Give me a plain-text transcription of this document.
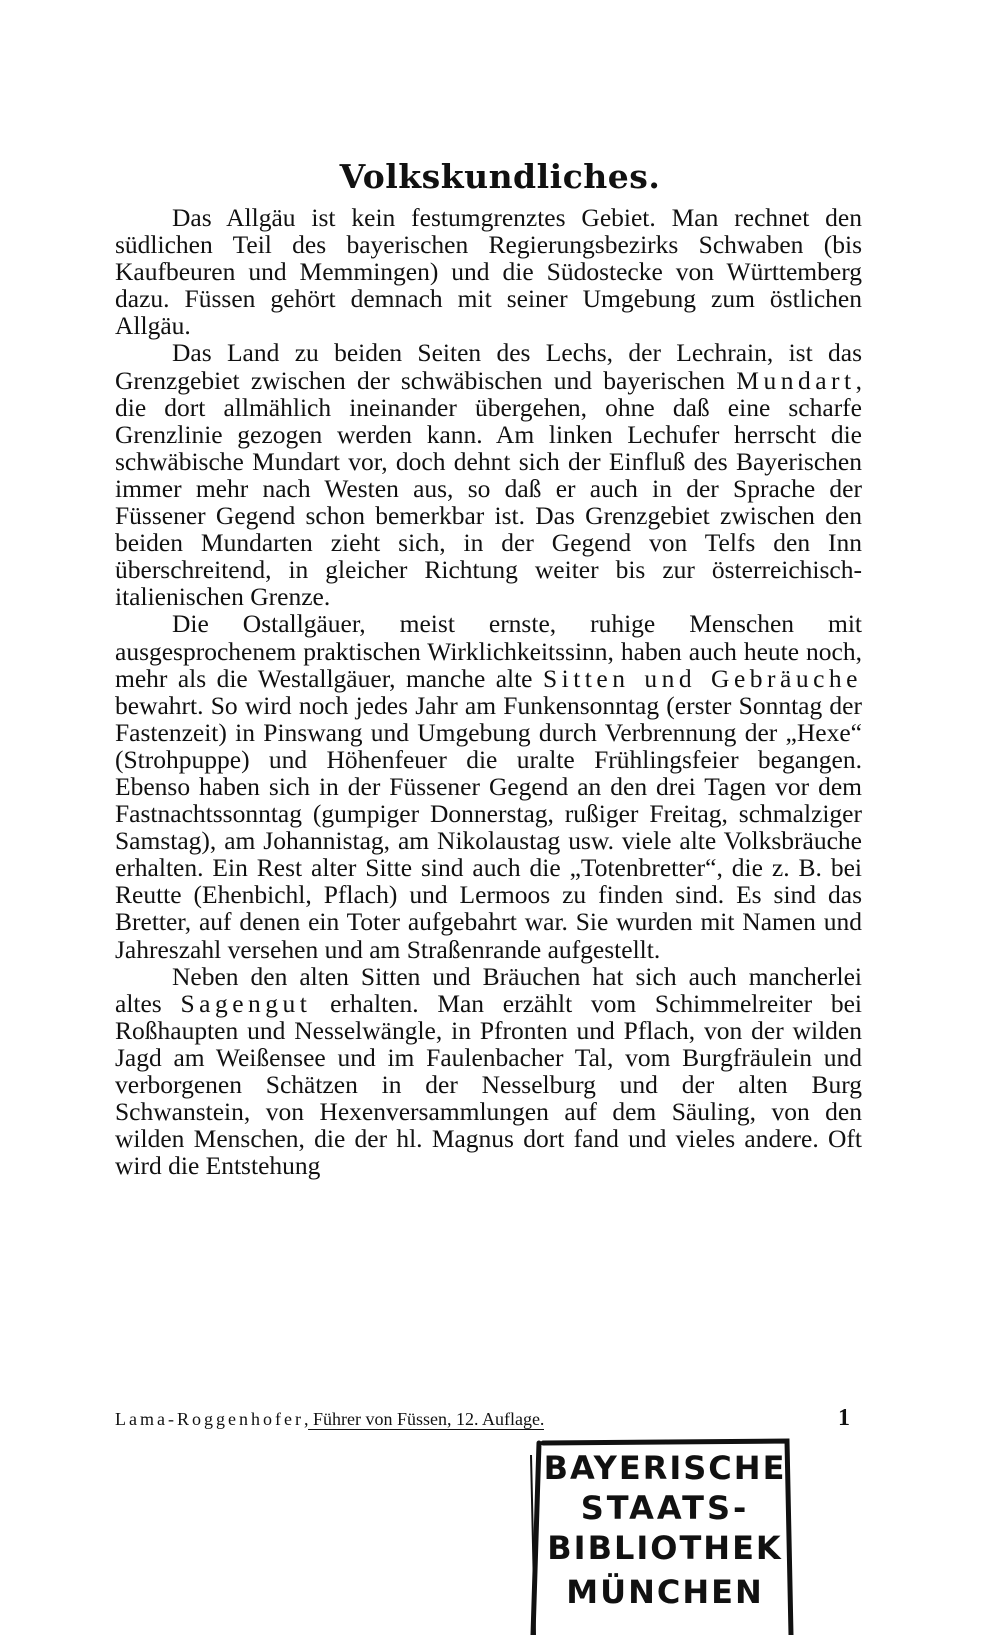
Volkskundliches.

Das Allgäu ist kein festumgrenztes Gebiet. Man rechnet den südlichen Teil des bayerischen Regierungsbezirks Schwaben (bis Kaufbeuren und Memmingen) und die Südostecke von Württemberg dazu. Füssen gehört demnach mit seiner Umgebung zum östlichen Allgäu.

Das Land zu beiden Seiten des Lechs, der Lechrain, ist das Grenzgebiet zwischen der schwäbischen und bayerischen Mundart, die dort allmählich ineinander übergehen, ohne daß eine scharfe Grenzlinie gezogen werden kann. Am linken Lechufer herrscht die schwäbische Mundart vor, doch dehnt sich der Einfluß des Bayerischen immer mehr nach Westen aus, so daß er auch in der Sprache der Füssener Gegend schon bemerkbar ist. Das Grenzgebiet zwischen den beiden Mundarten zieht sich, in der Gegend von Telfs den Inn überschreitend, in gleicher Richtung weiter bis zur österreichisch-italienischen Grenze.

Die Ostallgäuer, meist ernste, ruhige Menschen mit ausgesprochenem praktischen Wirklichkeitssinn, haben auch heute noch, mehr als die Westallgäuer, manche alte Sitten und Gebräuche bewahrt. So wird noch jedes Jahr am Funkensonntag (erster Sonntag der Fastenzeit) in Pinswang und Umgebung durch Verbrennung der „Hexe“ (Strohpuppe) und Höhenfeuer die uralte Frühlingsfeier begangen. Ebenso haben sich in der Füssener Gegend an den drei Tagen vor dem Fastnachtssonntag (gumpiger Donnerstag, rußiger Freitag, schmalziger Samstag), am Johannistag, am Nikolaustag usw. viele alte Volksbräuche erhalten. Ein Rest alter Sitte sind auch die „Totenbretter“, die z. B. bei Reutte (Ehenbichl, Pflach) und Lermoos zu finden sind. Es sind das Bretter, auf denen ein Toter aufgebahrt war. Sie wurden mit Namen und Jahreszahl versehen und am Straßenrande aufgestellt.

Neben den alten Sitten und Bräuchen hat sich auch mancherlei altes Sagengut erhalten. Man erzählt vom Schimmelreiter bei Roßhaupten und Nesselwängle, in Pfronten und Pflach, von der wilden Jagd am Weißensee und im Faulenbacher Tal, vom Burgfräulein und verborgenen Schätzen in der Nesselburg und der alten Burg Schwanstein, von Hexenversammlungen auf dem Säuling, von den wilden Menschen, die der hl. Magnus dort fand und vieles andere. Oft wird die Entstehung

Lama-Roggenhofer, Führer von Füssen, 12. Auflage.	1
BAYERISCHE
STAATS-
BIBLIOTHEK
MÜNCHEN
